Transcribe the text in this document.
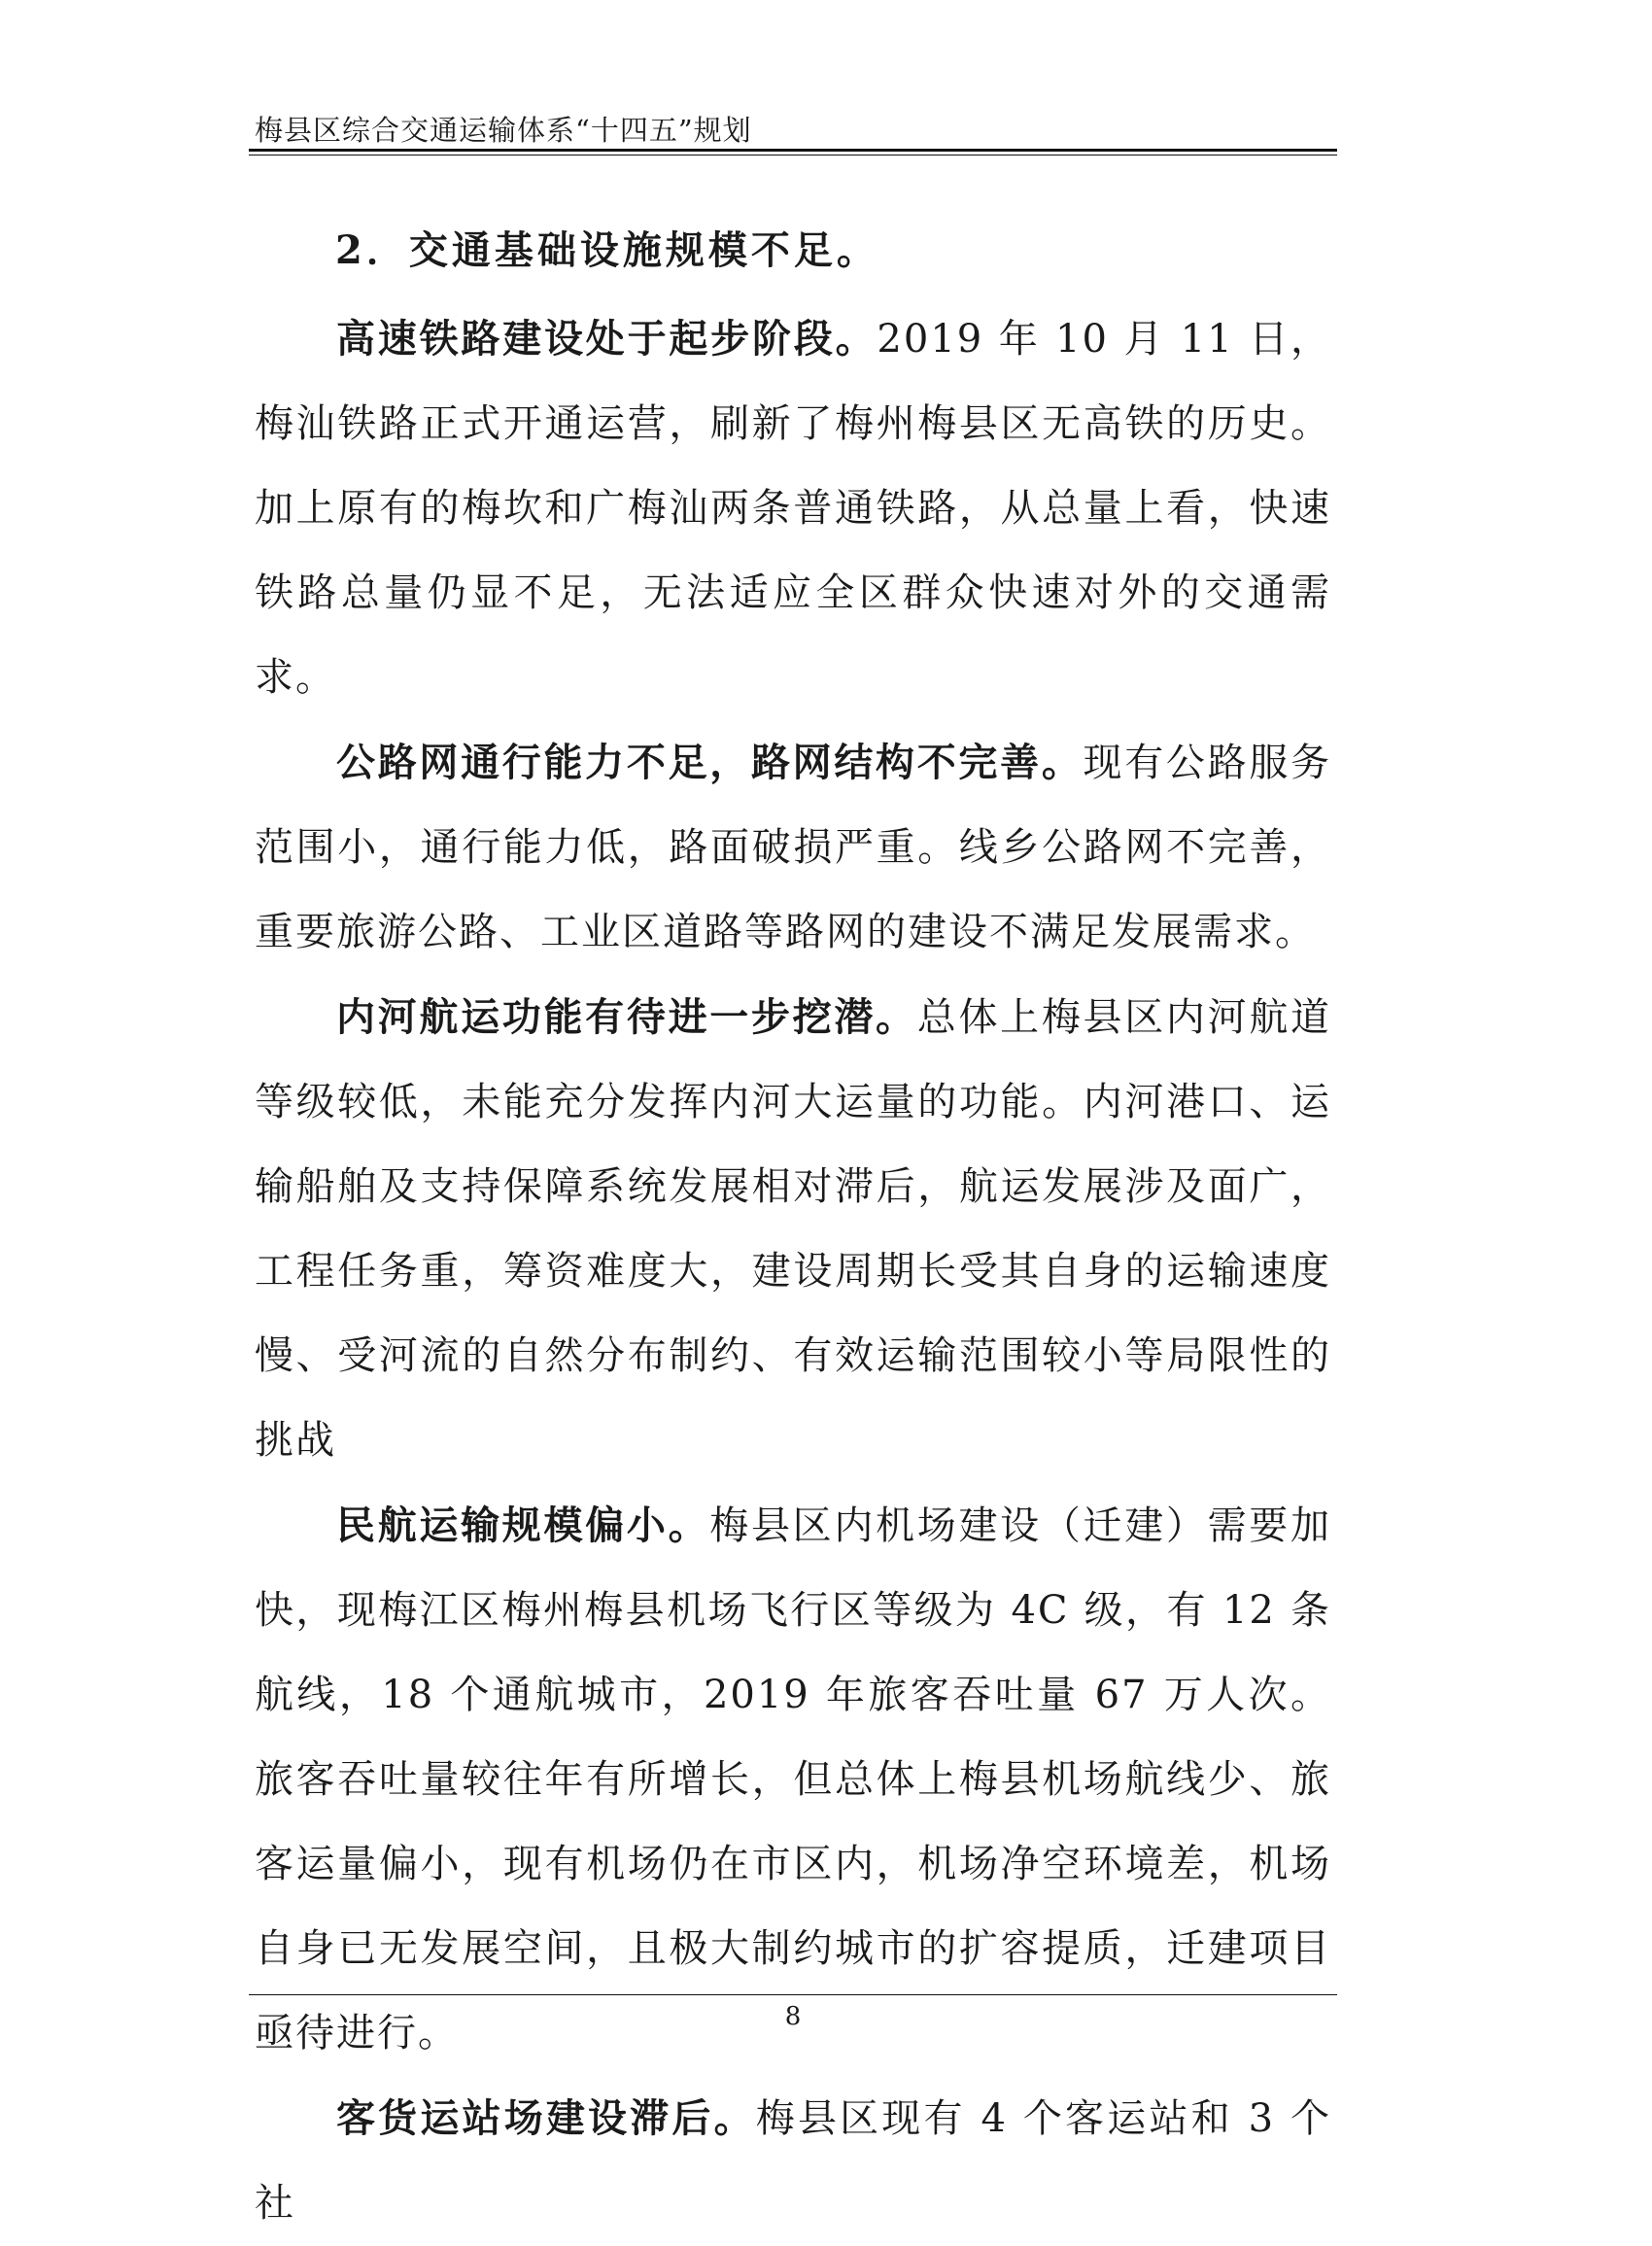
梅县区综合交通运输体系“十四五”规划
2．交通基础设施规模不足。

高速铁路建设处于起步阶段。2019 年 10 月 11 日，梅汕铁路正式开通运营，刷新了梅州梅县区无高铁的历史。加上原有的梅坎和广梅汕两条普通铁路，从总量上看，快速铁路总量仍显不足，无法适应全区群众快速对外的交通需求。

公路网通行能力不足，路网结构不完善。现有公路服务范围小，通行能力低，路面破损严重。线乡公路网不完善，重要旅游公路、工业区道路等路网的建设不满足发展需求。

内河航运功能有待进一步挖潜。总体上梅县区内河航道等级较低，未能充分发挥内河大运量的功能。内河港口、运输船舶及支持保障系统发展相对滞后，航运发展涉及面广，工程任务重，筹资难度大，建设周期长受其自身的运输速度慢、受河流的自然分布制约、有效运输范围较小等局限性的挑战

民航运输规模偏小。梅县区内机场建设（迁建）需要加快，现梅江区梅州梅县机场飞行区等级为 4C 级，有 12 条航线，18 个通航城市，2019 年旅客吞吐量 67 万人次。旅客吞吐量较往年有所增长，但总体上梅县机场航线少、旅客运量偏小，现有机场仍在市区内，机场净空环境差，机场自身已无发展空间，且极大制约城市的扩容提质，迁建项目亟待进行。

客货运站场建设滞后。梅县区现有 4 个客运站和 3 个社

8
